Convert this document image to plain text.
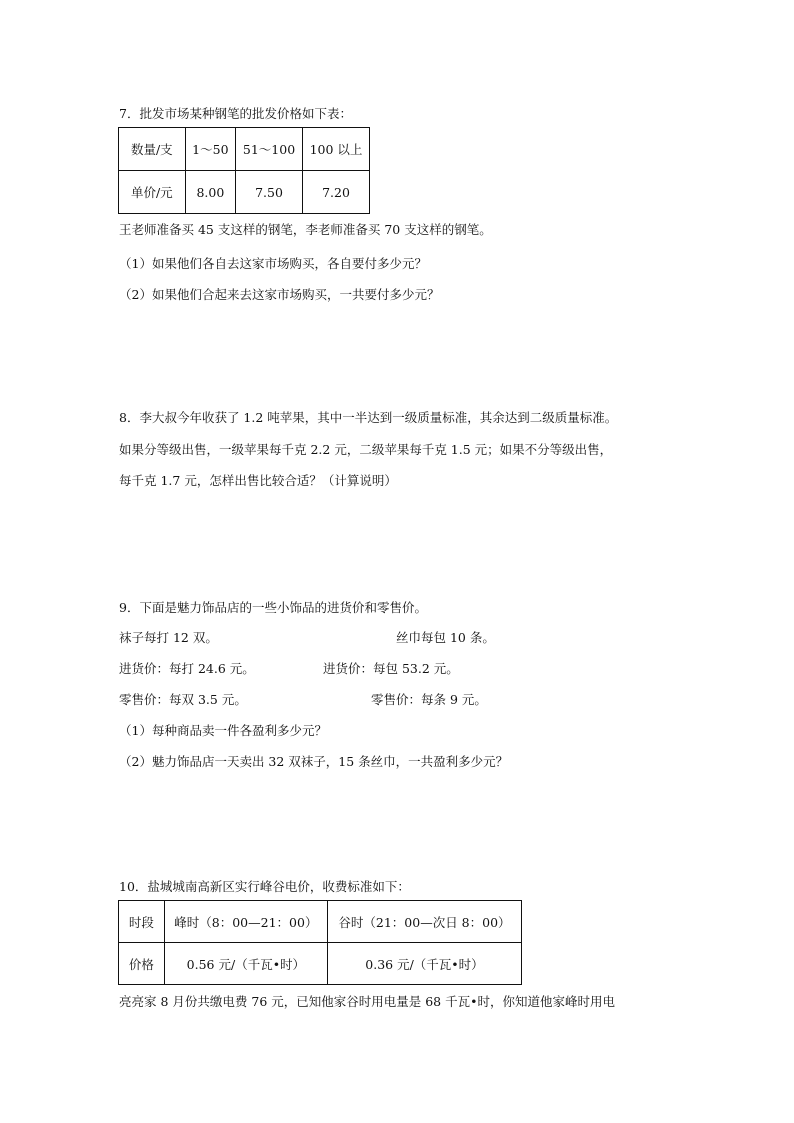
7．批发市场某种钢笔的批发价格如下表：
数量/支	1～50	51～100	100 以上
单价/元	8.00	7.50	7.20
王老师准备买 45 支这样的钢笔，李老师准备买 70 支这样的钢笔。
（1）如果他们各自去这家市场购买，各自要付多少元？
（2）如果他们合起来去这家市场购买，一共要付多少元？
8．李大叔今年收获了 1.2 吨苹果，其中一半达到一级质量标准，其余达到二级质量标准。
如果分等级出售，一级苹果每千克 2.2 元，二级苹果每千克 1.5 元；如果不分等级出售，
每千克 1.7 元，怎样出售比较合适？（计算说明）
9．下面是魅力饰品店的一些小饰品的进货价和零售价。
袜子每打 12 双。	丝巾每包 10 条。
进货价：每打 24.6 元。	进货价：每包 53.2 元。
零售价：每双 3.5 元。	零售价：每条 9 元。
（1）每种商品卖一件各盈利多少元？
（2）魅力饰品店一天卖出 32 双袜子，15 条丝巾，一共盈利多少元？
10．盐城城南高新区实行峰谷电价，收费标准如下：
时段	峰时（8：00—21：00）	谷时（21：00—次日 8：00）
价格	0.56 元/（千瓦•时）	0.36 元/（千瓦•时）
亮亮家 8 月份共缴电费 76 元，已知他家谷时用电量是 68 千瓦•时，你知道他家峰时用电
